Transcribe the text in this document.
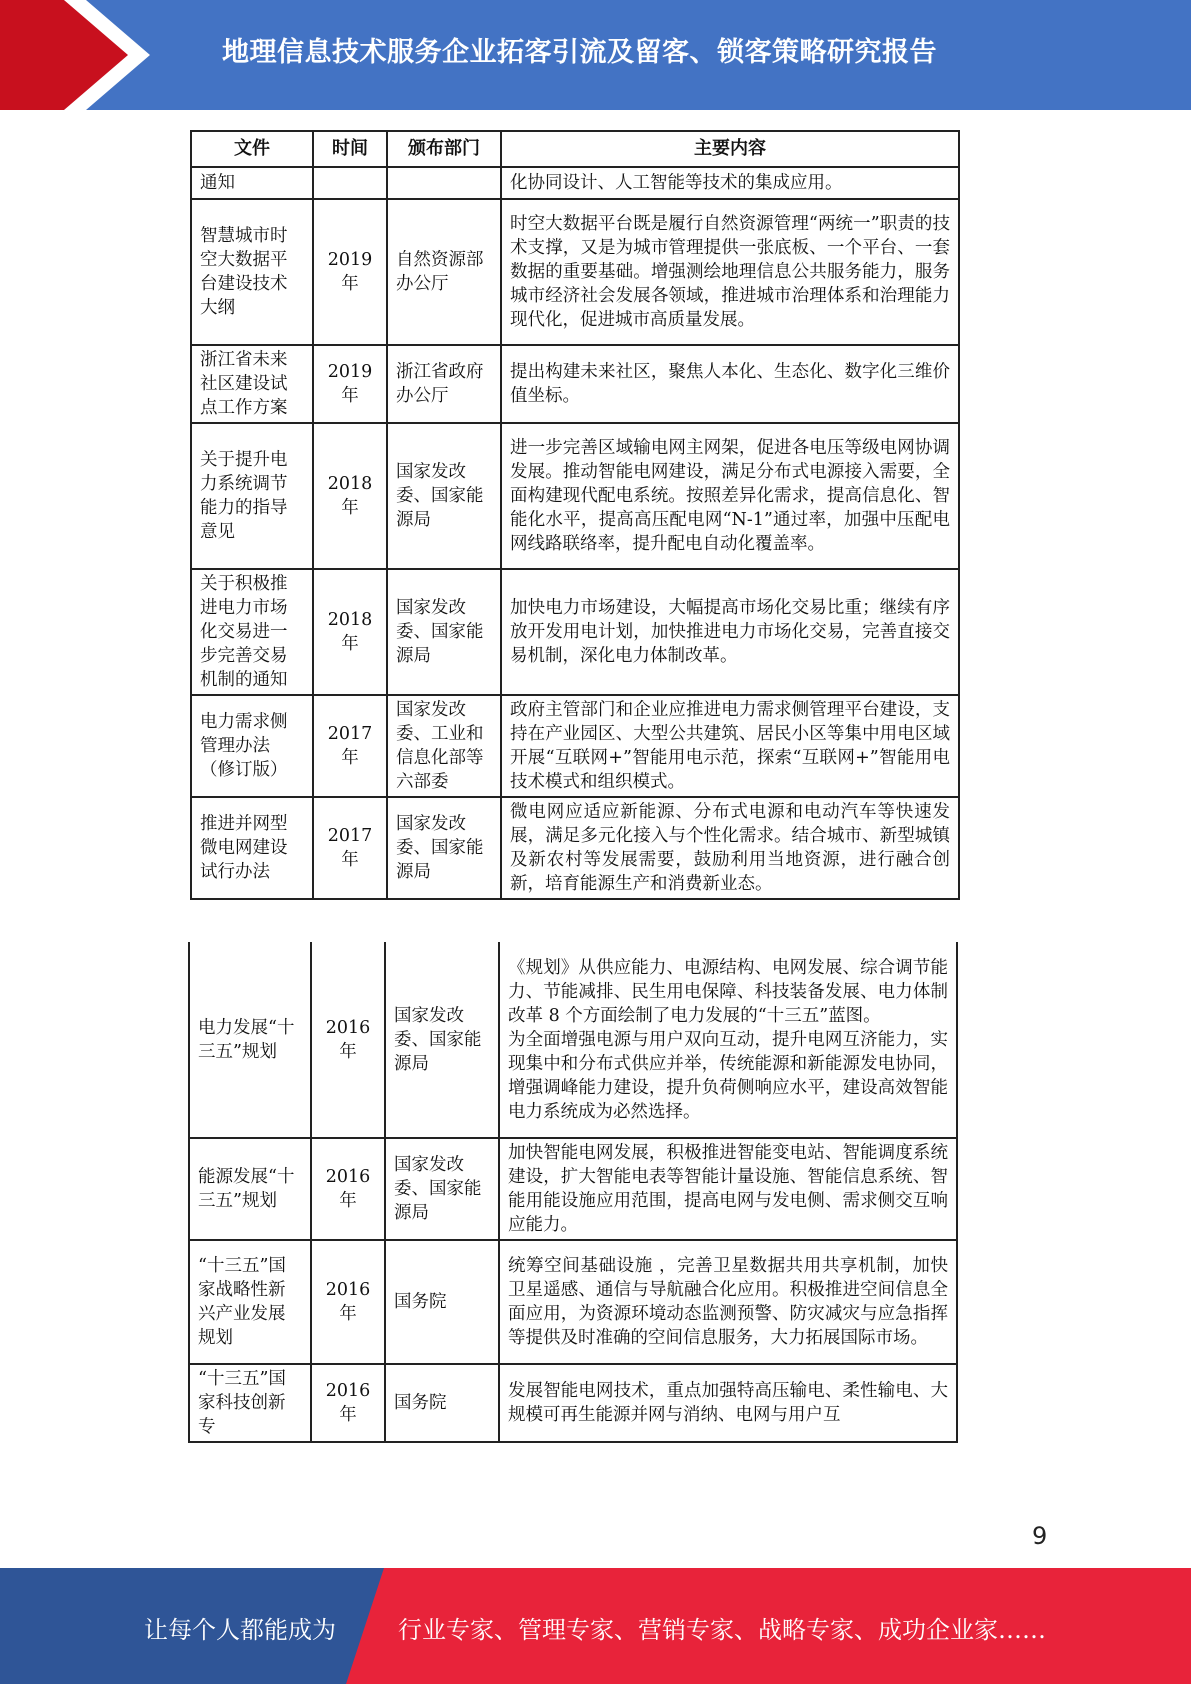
地理信息技术服务企业拓客引流及留客、锁客策略研究报告
文件	时间	颁布部门	主要内容
通知			化协同设计、人工智能等技术的集成应用。
智慧城市时空大数据平台建设技术大纲	2019 年	自然资源部办公厅	时空大数据平台既是履行自然资源管理“两统一”职责的技术支撑，又是为城市管理提供一张底板、一个平台、一套数据的重要基础。增强测绘地理信息公共服务能力，服务城市经济社会发展各领域，推进城市治理体系和治理能力现代化，促进城市高质量发展。
浙江省未来社区建设试点工作方案	2019 年	浙江省政府办公厅	提出构建未来社区，聚焦人本化、生态化、数字化三维价值坐标。
关于提升电力系统调节能力的指导意见	2018 年	国家发改委、国家能源局	进一步完善区域输电网主网架，促进各电压等级电网协调发展。推动智能电网建设，满足分布式电源接入需要，全面构建现代配电系统。按照差异化需求，提高信息化、智能化水平，提高高压配电网“N-1”通过率，加强中压配电网线路联络率，提升配电自动化覆盖率。
关于积极推进电力市场化交易进一步完善交易机制的通知	2018 年	国家发改委、国家能源局	加快电力市场建设，大幅提高市场化交易比重；继续有序放开发用电计划，加快推进电力市场化交易，完善直接交易机制，深化电力体制改革。
电力需求侧管理办法（修订版）	2017 年	国家发改委、工业和信息化部等六部委	政府主管部门和企业应推进电力需求侧管理平台建设，支持在产业园区、大型公共建筑、居民小区等集中用电区域开展“互联网+”智能用电示范，探索“互联网+”智能用电技术模式和组织模式。
推进并网型微电网建设试行办法	2017 年	国家发改委、国家能源局	微电网应适应新能源、分布式电源和电动汽车等快速发展，满足多元化接入与个性化需求。结合城市、新型城镇及新农村等发展需要，鼓励利用当地资源，进行融合创新，培育能源生产和消费新业态。
电力发展“十三五”规划	2016 年	国家发改委、国家能源局	《规划》从供应能力、电源结构、电网发展、综合调节能力、节能减排、民生用电保障、科技装备发展、电力体制改革 8 个方面绘制了电力发展的“十三五”蓝图。
为全面增强电源与用户双向互动，提升电网互济能力，实现集中和分布式供应并举，传统能源和新能源发电协同，增强调峰能力建设，提升负荷侧响应水平，建设高效智能电力系统成为必然选择。

能源发展“十三五”规划	2016 年	国家发改委、国家能源局	加快智能电网发展，积极推进智能变电站、智能调度系统建设，扩大智能电表等智能计量设施、智能信息系统、智能用能设施应用范围，提高电网与发电侧、需求侧交互响应能力。
“十三五”国家战略性新兴产业发展规划	2016 年	国务院	统筹空间基础设施 ，完善卫星数据共用共享机制，加快卫星遥感、通信与导航融合化应用。积极推进空间信息全面应用，为资源环境动态监测预警、防灾减灾与应急指挥等提供及时准确的空间信息服务，大力拓展国际市场。
“十三五”国家科技创新专	2016 年	国务院	发展智能电网技术，重点加强特高压输电、柔性输电、大规模可再生能源并网与消纳、电网与用户互
9
让每个人都能成为	行业专家、管理专家、营销专家、战略专家、成功企业家……
